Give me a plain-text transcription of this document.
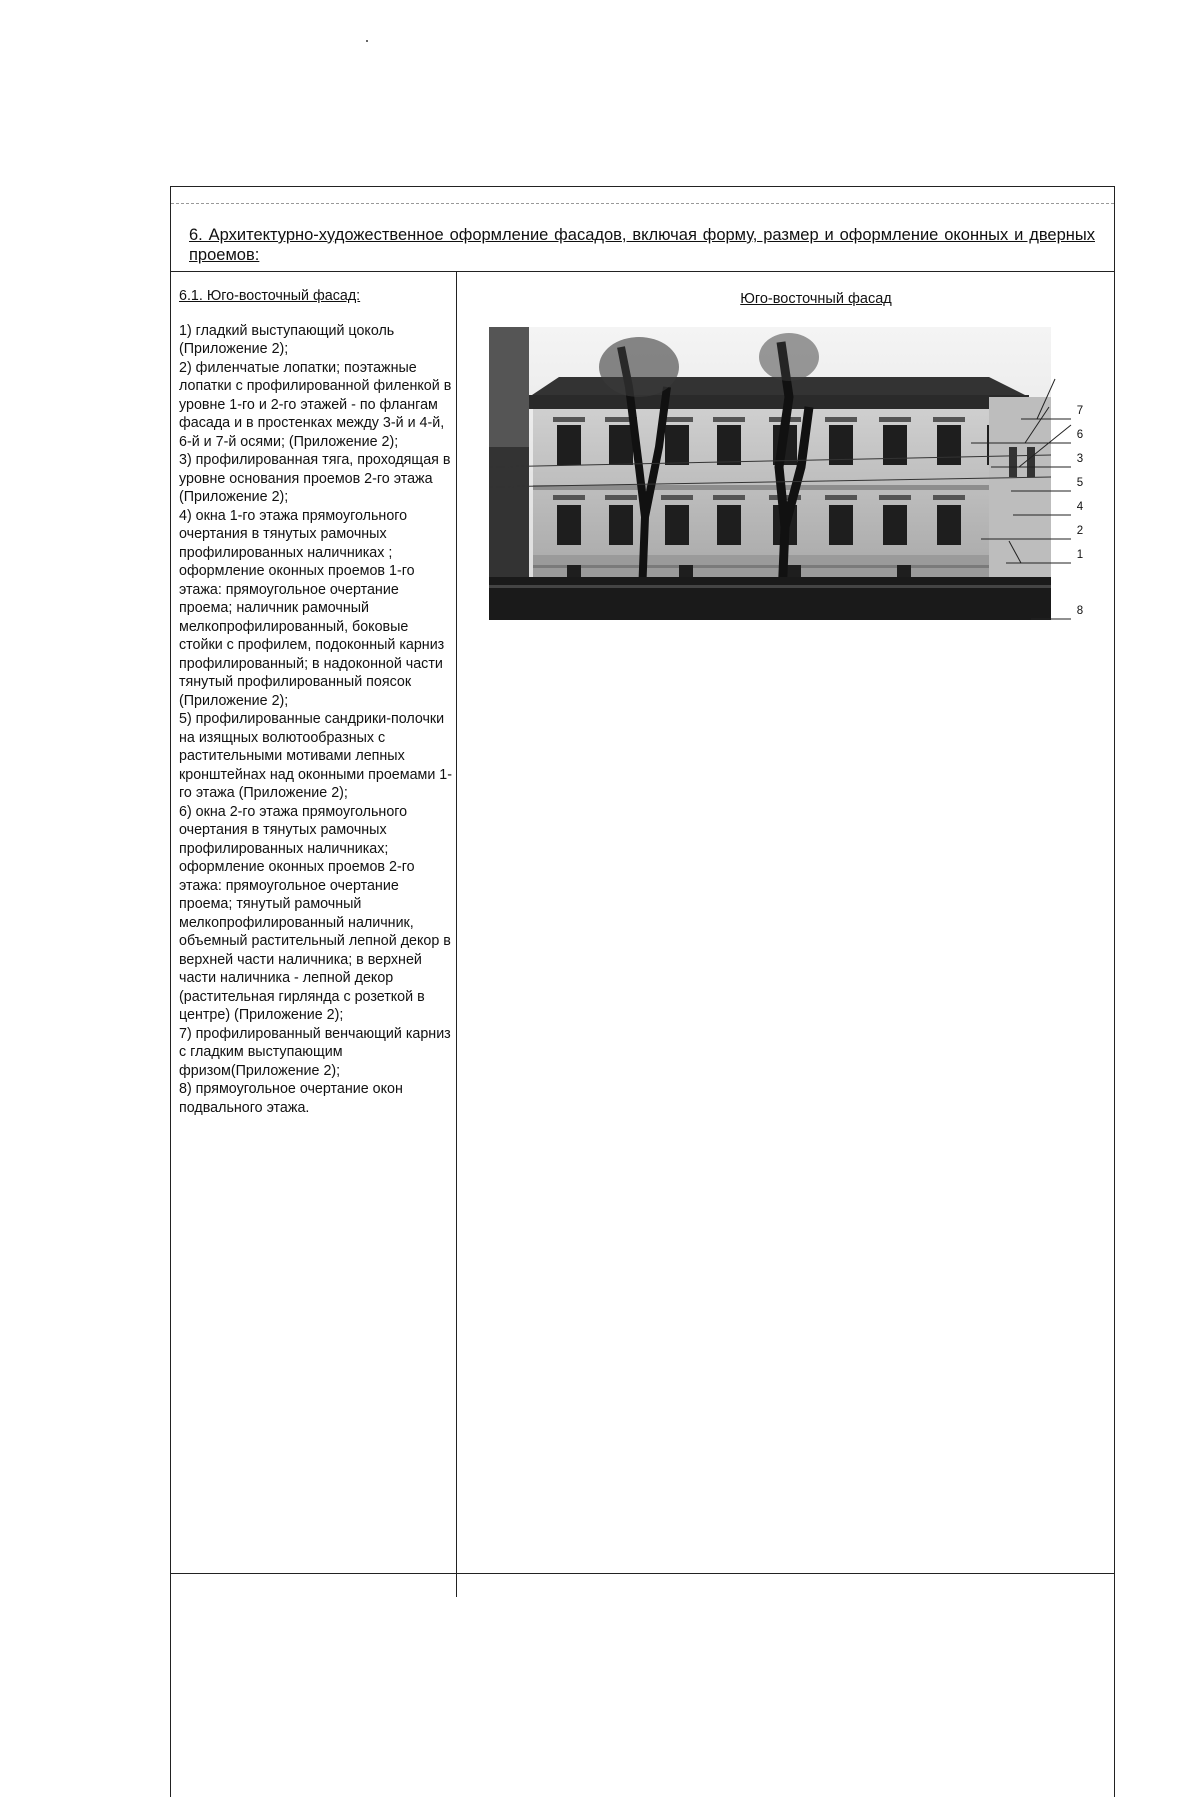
6. Архитектурно-художественное оформление фасадов, включая форму, размер и оформление оконных и дверных проемов:
6.1. Юго-восточный фасад:
1) гладкий выступающий цоколь (Приложение 2);
2) филенчатые лопатки; поэтажные лопатки с профилированной филенкой в уровне 1-го и 2-го этажей - по флангам фасада и в простенках между 3-й и 4-й, 6-й и 7-й осями; (Приложение 2);
3) профилированная тяга, проходящая в уровне основания проемов 2-го этажа (Приложение 2);
4) окна 1-го этажа прямоугольного очертания в тянутых рамочных профилированных наличниках ; оформление оконных проемов 1-го этажа: прямоугольное очертание проема; наличник рамочный мелкопрофилированный, боковые стойки с профилем, подоконный карниз профилированный; в надоконной части тянутый профилированный поясок (Приложение 2);
5) профилированные сандрики-полочки на изящных волютообразных с растительными мотивами лепных кронштейнах над оконными проемами 1-го этажа (Приложение 2);
6) окна 2-го этажа прямоугольного очертания в тянутых рамочных профилированных наличниках; оформление оконных проемов 2-го этажа: прямоугольное очертание проема; тянутый рамочный мелкопрофилированный наличник, объемный растительный лепной декор в верхней части наличника; в верхней части наличника - лепной декор (растительная гирлянда с розеткой в центре) (Приложение 2);
7) профилированный венчающий карниз с гладким выступающим фризом(Приложение 2);
8) прямоугольное очертание окон подвального этажа.
Юго-восточный фасад
7
6
3
5
4
2
1
8
